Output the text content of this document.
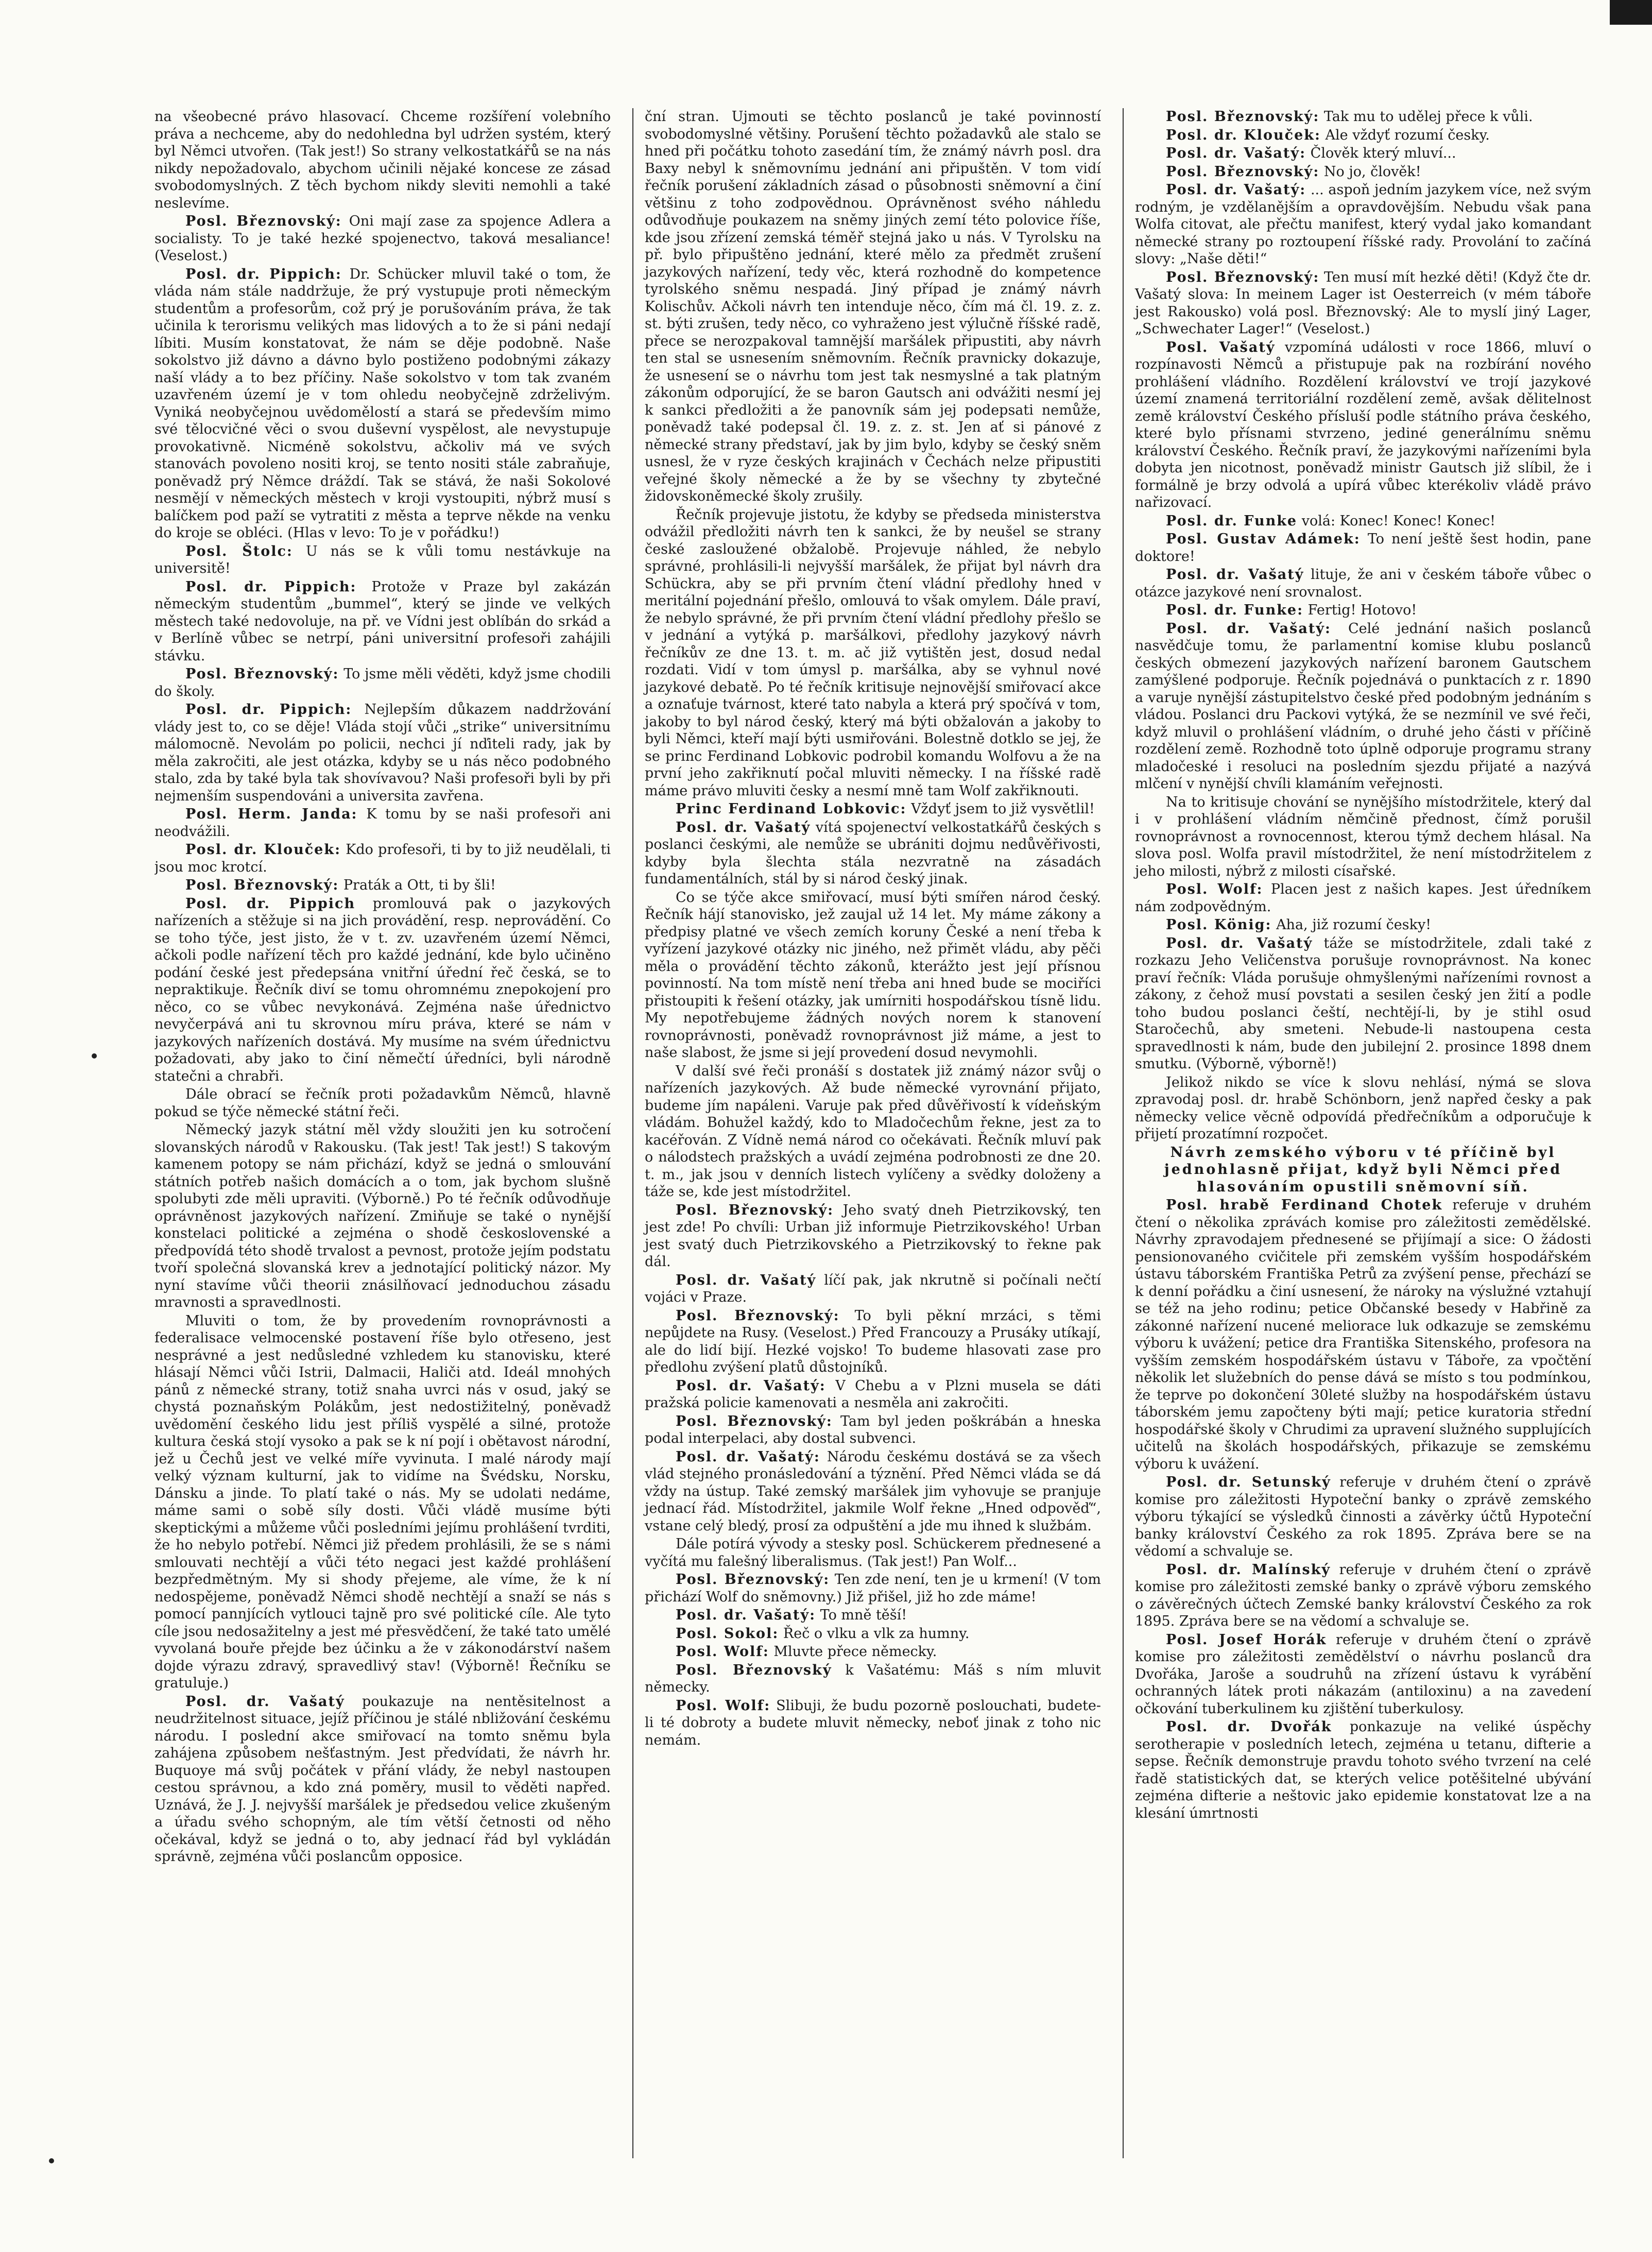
na všeobecné právo hlasovací. Chceme rozšíření volebního práva a nechceme, aby do nedohledna byl udržen systém, který byl Němci utvořen. (Tak jest!) So strany velkostatkářů se na nás nikdy nepožadovalo, abychom učinili nějaké koncese ze zásad svobodomyslných. Z těch bychom nikdy sleviti nemohli a také neslevíme.

Posl. Březnovský: Oni mají zase za spojence Adlera a socialisty. To je také hezké spojenectvo, taková mesaliance! (Veselost.)

Posl. dr. Pippich: Dr. Schücker mluvil také o tom, že vláda nám stále naddržuje, že prý vystupuje proti německým studentům a profesorům, což prý je porušováním práva, že tak učinila k terorismu velikých mas lidových a to že si páni nedají líbiti. Musím konstatovat, že nám se děje podobně. Naše sokolstvo již dávno a dávno bylo postiženo podobnými zákazy naší vlády a to bez příčiny. Naše sokolstvo v tom tak zvaném uzavřeném území je v tom ohledu neobyčejně zdrželivým. Vyniká neobyčejnou uvědomělostí a stará se především mimo své tělocvičné věci o svou duševní vyspělost, ale nevystupuje provokativně. Nicméně sokolstvu, ačkoliv má ve svých stanovách povoleno nositi kroj, se tento nositi stále zabraňuje, poněvadž prý Němce dráždí. Tak se stává, že naši Sokolové nesmějí v německých městech v kroji vystoupiti, nýbrž musí s balíčkem pod paží se vytratiti z města a teprve někde na venku do kroje se obléci. (Hlas v levo: To je v pořádku!)

Posl. Štolc: U nás se k vůli tomu nestávkuje na universitě!

Posl. dr. Pippich: Protože v Praze byl zakázán německým studentům „bummel“, který se jinde ve velkých městech také nedovoluje, na př. ve Vídni jest oblíbán do srkád a v Berlíně vůbec se netrpí, páni universitní profesoři zahájili stávku.

Posl. Březnovský: To jsme měli věděti, když jsme chodili do školy.

Posl. dr. Pippich: Nejlepším důkazem naddržování vlády jest to, co se děje! Vláda stojí vůči „strike“ universitnímu málomocně. Nevolám po policii, nechci jí nďiteli rady, jak by měla zakročiti, ale jest otázka, kdyby se u nás něco podobného stalo, zda by také byla tak shovívavou? Naši profesoři byli by při nejmenším suspendováni a universita zavřena.

Posl. Herm. Janda: K tomu by se naši profesoři ani neodvážili.

Posl. dr. Klouček: Kdo profesoři, ti by to již neudělali, ti jsou moc krotcí.

Posl. Březnovský: Praták a Ott, ti by šli!

Posl. dr. Pippich promlouvá pak o jazykových nařízeních a stěžuje si na jich provádění, resp. neprovádění. Co se toho týče, jest jisto, že v t. zv. uzavřeném území Němci, ačkoli podle nařízení těch pro každé jednání, kde bylo učiněno podání české jest předepsána vnitřní úřední řeč česká, se to nepraktikuje. Řečník diví se tomu ohromnému znepokojení pro něco, co se vůbec nevykonává. Zejména naše úřednictvo nevyčerpává ani tu skrovnou míru práva, které se nám v jazykových nařízeních dostává. My musíme na svém úřednictvu požadovati, aby jako to činí němečtí úředníci, byli národně statečni a chrabři.

Dále obrací se řečník proti požadavkům Němců, hlavně pokud se týče německé státní řeči.

Německý jazyk státní měl vždy sloužiti jen ku sotročení slovanských národů v Rakousku. (Tak jest! Tak jest!) S takovým kamenem potopy se nám přichází, když se jedná o smlouvání státních potřeb našich domácích a o tom, jak bychom slušně spolubyti zde měli upraviti. (Výborně.) Po té řečník odůvodňuje oprávněnost jazykových nařízení. Zmiňuje se také o nynější konstelaci politické a zejména o shodě československé a předpovídá této shodě trvalost a pevnost, protože jejím podstatu tvoří společná slovanská krev a jednotající politický názor. My nyní stavíme vůči theorii znásilňovací jednoduchou zásadu mravnosti a spravedlnosti.

Mluviti o tom, že by provedením rovnoprávnosti a federalisace velmocenské postavení říše bylo otřeseno, jest nesprávné a jest nedůsledné vzhledem ku stanovisku, které hlásají Němci vůči Istrii, Dalmacii, Haliči atd. Ideál mnohých pánů z německé strany, totiž snaha uvrci nás v osud, jaký se chystá poznaňským Polákům, jest nedostižitelný, poněvadž uvědomění českého lidu jest příliš vyspělé a silné, protože kultura česká stojí vysoko a pak se k ní pojí i obětavost národní, jež u Čechů jest ve velké míře vyvinuta. I malé národy mají velký význam kulturní, jak to vidíme na Švédsku, Norsku, Dánsku a jinde. To platí také o nás. My se udolati nedáme, máme sami o sobě síly dosti. Vůči vládě musíme býti skeptickými a můžeme vůči posledními jejímu prohlášení tvrditi, že ho nebylo potřebí. Němci již předem prohlásili, že se s námi smlouvati nechtějí a vůči této negaci jest každé prohlášení bezpředmětným. My si shody přejeme, ale víme, že k ní nedospějeme, poněvadž Němci shodě nechtějí a snaží se nás s pomocí pannjících vytlouci tajně pro své politické cíle. Ale tyto cíle jsou nedosažitelny a jest mé přesvědčení, že také tato umělé vyvolaná bouře přejde bez účinku a že v zákonodárství našem dojde výrazu zdravý, spravedlivý stav! (Výborně! Řečníku se gratuluje.)

Posl. dr. Vašatý poukazuje na nentěsitelnost a neudržitelnost situace, jejíž příčinou je stálé nbližování českému národu. I poslední akce smiřovací na tomto sněmu byla zahájena způsobem nešťastným. Jest předvídati, že návrh hr. Buquoye má svůj počátek v přání vlády, že nebyl nastoupen cestou správnou, a kdo zná poměry, musil to věděti napřed. Uznává, že J. J. nejvyšší maršálek je předsedou velice zkušeným a úřadu svého schopným, ale tím větší četnosti od něho očekával, když se jedná o to, aby jednací řád byl vykládán správně, zejména vůči poslancům opposice.

ční stran. Ujmouti se těchto poslanců je také povinností svobodomyslné většiny. Porušení těchto požadavků ale stalo se hned při počátku tohoto zasedání tím, že známý návrh posl. dra Baxy nebyl k sněmovnímu jednání ani připuštěn. V tom vidí řečník porušení základních zásad o působnosti sněmovní a činí většinu z toho zodpovědnou. Oprávněnost svého náhledu odůvodňuje poukazem na sněmy jiných zemí této polovice říše, kde jsou zřízení zemská téměř stejná jako u nás. V Tyrolsku na př. bylo připuštěno jednání, které mělo za předmět zrušení jazykových nařízení, tedy věc, která rozhodně do kompetence tyrolského sněmu nespadá. Jiný případ je známý návrh Kolischův. Ačkoli návrh ten intenduje něco, čím má čl. 19. z. z. st. býti zrušen, tedy něco, co vyhraženo jest výlučně říšské radě, přece se nerozpakoval tamnější maršálek připustiti, aby návrh ten stal se usnesením sněmovním. Řečník pravnicky dokazuje, že usnesení se o návrhu tom jest tak nesmyslné a tak platným zákonům odporující, že se baron Gautsch ani odvážiti nesmí jej k sankci předložiti a že panovník sám jej podepsati nemůže, poněvadž také podepsal čl. 19. z. z. st. Jen ať si pánové z německé strany představí, jak by jim bylo, kdyby se český sněm usnesl, že v ryze českých krajinách v Čechách nelze připustiti veřejné školy německé a že by se všechny ty zbytečné židovskoněmecké školy zrušily.

Řečník projevuje jistotu, že kdyby se předseda ministerstva odvážil předložiti návrh ten k sankci, že by neušel se strany české zasloužené obžalobě. Projevuje náhled, že nebylo správné, prohlásili-li nejvyšší maršálek, že přijat byl návrh dra Schückra, aby se při prvním čtení vládní předlohy hned v meritální pojednání přešlo, omlouvá to však omylem. Dále praví, že nebylo správné, že při prvním čtení vládní předlohy přešlo se v jednání a vytýká p. maršálkovi, předlohy jazykový návrh řečníkův ze dne 13. t. m. ač již vytištěn jest, dosud nedal rozdati. Vidí v tom úmysl p. maršálka, aby se vyhnul nové jazykové debatě. Po té řečník kritisuje nejnovější smiřovací akce a oznaťuje tvárnost, které tato nabyla a která prý spočívá v tom, jakoby to byl národ český, který má býti obžalován a jakoby to byli Němci, kteří mají býti usmiřováni. Bolestně dotklo se jej, že se princ Ferdinand Lobkovic podrobil komandu Wolfovu a že na první jeho zakřiknutí počal mluviti německy. I na říšské radě máme právo mluviti česky a nesmí mně tam Wolf zakřiknouti.

Princ Ferdinand Lobkovic: Vždyť jsem to již vysvětlil!

Posl. dr. Vašatý vítá spojenectví velkostatkářů českých s poslanci českými, ale nemůže se ubrániti dojmu nedůvěřivosti, kdyby byla šlechta stála nezvratně na zásadách fundamentálních, stál by si národ český jinak.

Co se týče akce smiřovací, musí býti smířen národ český. Řečník hájí stanovisko, jež zaujal už 14 let. My máme zákony a předpisy platné ve všech zemích koruny České a není třeba k vyřízení jazykové otázky nic jiného, než přimět vládu, aby pěči měla o provádění těchto zákonů, kterážto jest její přísnou povinností. Na tom místě není třeba ani hned bude se mociříci přistoupiti k řešení otázky, jak umírniti hospodářskou tísně lidu. My nepotřebujeme žádných nových norem k stanovení rovnoprávnosti, poněvadž rovnoprávnost již máme, a jest to naše slabost, že jsme si její provedení dosud nevymohli.

V další své řeči pronáší s dostatek již známý názor svůj o nařízeních jazykových. Až bude německé vyrovnání přijato, budeme jím napáleni. Varuje pak před důvěřivostí k vídeňským vládám. Bohužel každý, kdo to Mladočechům řekne, jest za to kacéřován. Z Vídně nemá národ co očekávati. Řečník mluví pak o nálodstech pražských a uvádí zejména podrobnosti ze dne 20. t. m., jak jsou v denních listech vylíčeny a svědky doloženy a táže se, kde jest místodržitel.

Posl. Březnovský: Jeho svatý dneh Pietrzikovský, ten jest zde! Po chvíli: Urban již informuje Pietrzikovského! Urban jest svatý duch Pietrzikovského a Pietrzikovský to řekne pak dál.

Posl. dr. Vašatý líčí pak, jak nkrutně si počínali nečtí vojáci v Praze.

Posl. Březnovský: To byli pěkní mrzáci, s těmi nepůjdete na Rusy. (Veselost.) Před Francouzy a Prusáky utíkají, ale do lidí bijí. Hezké vojsko! To budeme hlasovati zase pro předlohu zvýšení platů důstojníků.

Posl. dr. Vašatý: V Chebu a v Plzni musela se dáti pražská policie kamenovati a nesměla ani zakročiti.

Posl. Březnovský: Tam byl jeden poškrábán a hneska podal interpelaci, aby dostal subvenci.

Posl. dr. Vašatý: Národu českému dostává se za všech vlád stejného pronásledování a týznění. Před Němci vláda se dá vždy na ústup. Také zemský maršálek jim vyhovuje se pranjuje jednací řád. Místodržitel, jakmile Wolf řekne „Hned odpověď“, vstane celý bledý, prosí za odpuštění a jde mu ihned k službám.

Dále potírá vývody a stesky posl. Schückerem přednesené a vyčítá mu falešný liberalismus. (Tak jest!) Pan Wolf...

Posl. Březnovský: Ten zde není, ten je u krmení! (V tom přichází Wolf do sněmovny.) Již přišel, již ho zde máme!

Posl. dr. Vašatý: To mně těší!

Posl. Sokol: Řeč o vlku a vlk za humny.

Posl. Wolf: Mluvte přece německy.

Posl. Březnovský k Vašatému: Máš s ním mluvit německy.

Posl. Wolf: Slibuji, že budu pozorně poslouchati, budete-li té dobroty a budete mluvit německy, neboť jinak z toho nic nemám.

Posl. Březnovský: Tak mu to udělej přece k vůli.

Posl. dr. Klouček: Ale vždyť rozumí česky.

Posl. dr. Vašatý: Člověk který mluví...

Posl. Březnovský: No jo, člověk!

Posl. dr. Vašatý: ... aspoň jedním jazykem více, než svým rodným, je vzdělanějším a opravdovějším. Nebudu však pana Wolfa citovat, ale přečtu manifest, který vydal jako komandant německé strany po roztoupení říšské rady. Provolání to začíná slovy: „Naše děti!“

Posl. Březnovský: Ten musí mít hezké děti! (Když čte dr. Vašatý slova: In meinem Lager ist Oesterreich (v mém táboře jest Rakousko) volá posl. Březnovský: Ale to myslí jiný Lager, „Schwechater Lager!“ (Veselost.)

Posl. Vašatý vzpomíná události v roce 1866, mluví o rozpínavosti Němců a přistupuje pak na rozbírání nového prohlášení vládního. Rozdělení království ve trojí jazykové území znamená territoriální rozdělení země, avšak dělitelnost země království Českého přísluší podle státního práva českého, které bylo přísnami stvrzeno, jediné generálnímu sněmu království Českého. Řečník praví, že jazykovými nařízeními byla dobyta jen nicotnost, poněvadž ministr Gautsch již slíbil, že i formálně je brzy odvolá a upírá vůbec kterékoliv vládě právo nařizovací.

Posl. dr. Funke volá: Konec! Konec! Konec!

Posl. Gustav Adámek: To není ještě šest hodin, pane doktore!

Posl. dr. Vašatý lituje, že ani v českém táboře vůbec o otázce jazykové není srovnalost.

Posl. dr. Funke: Fertig! Hotovo!

Posl. dr. Vašatý: Celé jednání našich poslanců nasvědčuje tomu, že parlamentní komise klubu poslanců českých obmezení jazykových nařízení baronem Gautschem zamýšlené podporuje. Řečník pojednává o punktacích z r. 1890 a varuje nynější zástupitelstvo české před podobným jednáním s vládou. Poslanci dru Packovi vytýká, že se nezmínil ve své řeči, když mluvil o prohlášení vládním, o druhé jeho části v příčině rozdělení země. Rozhodně toto úplně odporuje programu strany mladočeské i resoluci na posledním sjezdu přijaté a nazývá mlčení v nynější chvíli klamáním veřejnosti.

Na to kritisuje chování se nynějšího místodržitele, který dal i v prohlášení vládním němčině přednost, čímž porušil rovnoprávnost a rovnocennost, kterou týmž dechem hlásal. Na slova posl. Wolfa pravil místodržitel, že není místodržitelem z jeho milosti, nýbrž z milosti císařské.

Posl. Wolf: Placen jest z našich kapes. Jest úředníkem nám zodpovědným.

Posl. König: Aha, již rozumí česky!

Posl. dr. Vašatý táže se místodržitele, zdali také z rozkazu Jeho Veličenstva porušuje rovnoprávnost. Na konec praví řečník: Vláda porušuje ohmyšlenými nařízeními rovnost a zákony, z čehož musí povstati a sesilen český jen žití a podle toho budou poslanci čeští, nechtějí-li, by je stihl osud Staročechů, aby smeteni. Nebude-li nastoupena cesta spravedlnosti k nám, bude den jubilejní 2. prosince 1898 dnem smutku. (Výborně, výborně!)

Jelikož nikdo se více k slovu nehlásí, nýmá se slova zpravodaj posl. dr. hrabě Schönborn, jenž napřed česky a pak německy velice věcně odpovídá předřečníkům a odporučuje k přijetí prozatímní rozpočet.

Návrh zemského výboru v té příčině byl jednohlasně přijat, když byli Němci před hlasováním opustili sněmovní síň.

Posl. hrabě Ferdinand Chotek referuje v druhém čtení o několika zprávách komise pro záležitosti zemědělské. Návrhy zpravodajem přednesené se přijímají a sice: O žádosti pensionovaného cvičitele při zemském vyšším hospodářském ústavu táborském Františka Petrů za zvýšení pense, přechází se k denní pořádku a činí usnesení, že nároky na výslužné vztahují se též na jeho rodinu; petice Občanské besedy v Habřině za zákonné nařízení nucené meliorace luk odkazuje se zemskému výboru k uvážení; petice dra Františka Sitenského, profesora na vyšším zemském hospodářském ústavu v Táboře, za vpočtění několik let služebních do pense dává se místo s tou podmínkou, že teprve po dokončení 30leté služby na hospodářském ústavu táborském jemu započteny býti mají; petice kuratoria střední hospodářské školy v Chrudimi za upravení služného supplujících učitelů na školách hospodářských, přikazuje se zemskému výboru k uvážení.

Posl. dr. Setunský referuje v druhém čtení o zprávě komise pro záležitosti Hypoteční banky o zprávě zemského výboru týkající se výsledků činnosti a závěrky účtů Hypoteční banky království Českého za rok 1895. Zpráva bere se na vědomí a schvaluje se.

Posl. dr. Malínský referuje v druhém čtení o zprávě komise pro záležitosti zemské banky o zprávě výboru zemského o závěrečných účtech Zemské banky království Českého za rok 1895. Zpráva bere se na vědomí a schvaluje se.

Posl. Josef Horák referuje v druhém čtení o zprávě komise pro záležitosti zemědělství o návrhu poslanců dra Dvořáka, Jaroše a soudruhů na zřízení ústavu k vyrábění ochranných látek proti nákazám (antiloxinu) a na zavedení očkování tuberkulinem ku zjištění tuberkulosy.

Posl. dr. Dvořák ponkazuje na veliké úspěchy serotherapie v posledních letech, zejména u tetanu, difterie a sepse. Řečník demonstruje pravdu tohoto svého tvrzení na celé řadě statistických dat, se kterých velice potěšitelné ubývání zejména difterie a neštovic jako epidemie konstatovat lze a na klesání úmrtnosti
